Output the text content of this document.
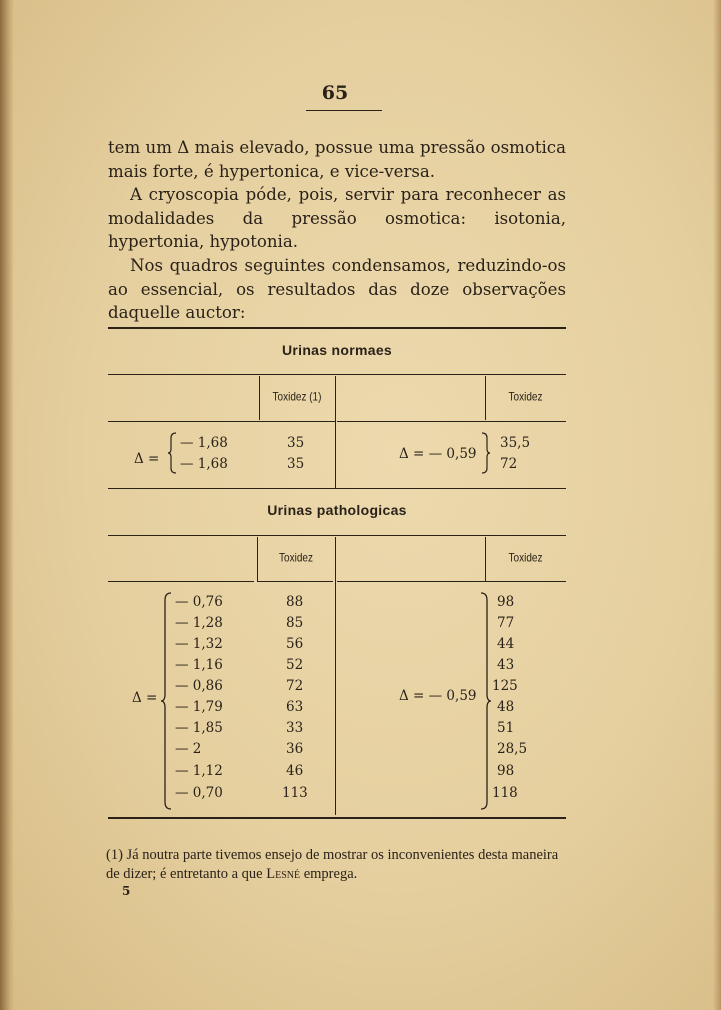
65
tem um Δ mais elevado, possue uma pressão osmotica mais forte, é hypertonica, e vice-versa.
A cryoscopia póde, pois, servir para reconhecer as modalidades da pressão osmotica: isotonia, hypertonia, hypotonia.
Nos quadros seguintes condensamos, reduzindo-os ao essencial, os resultados das doze observações daquelle auctor:
Urinas normaes
Toxidez (1)	Toxidez
Δ =
— 1,68
— 1,68
35
35
Δ = — 0,59
35,5
72
Urinas pathologicas
Toxidez	Toxidez
Δ =
— 0,76
— 1,28
— 1,32
— 1,16
— 0,86
— 1,79
— 1,85
— 2
— 1,12
— 0,70
88
85
56
52
72
63
33
36
46
113
Δ = — 0,59
98
77
44
43
125
48
51
28,5
98
118
(1) Já noutra parte tivemos ensejo de mostrar os inconvenientes desta maneira de dizer; é entretanto a que Lesné emprega.
5
